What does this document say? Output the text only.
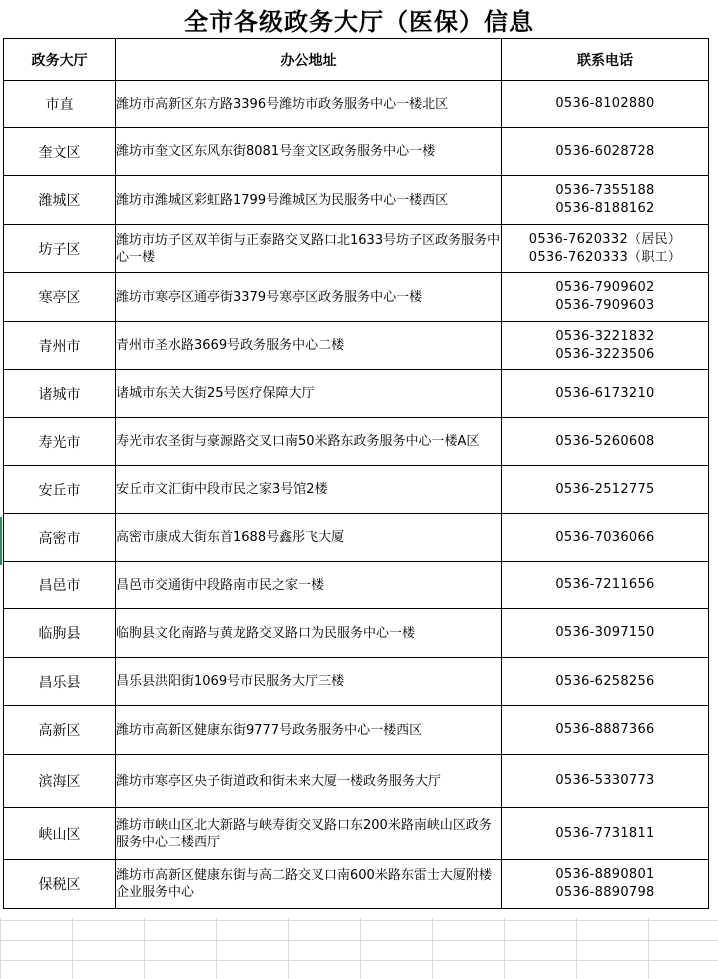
全市各级政务大厅（医保）信息
政务大厅	办公地址	联系电话
市直	潍坊市高新区东方路3396号潍坊市政务服务中心一楼北区	0536-8102880

奎文区	潍坊市奎文区东风东街8081号奎文区政务服务中心一楼	0536-6028728

潍城区	潍坊市潍城区彩虹路1799号潍城区为民服务中心一楼西区	0536-7355188
0536-8188162

坊子区	潍坊市坊子区双羊街与正泰路交叉路口北1633号坊子区政务服务中心一楼	0536-7620332（居民）
0536-7620333（职工）

寒亭区	潍坊市寒亭区通亭街3379号寒亭区政务服务中心一楼	0536-7909602
0536-7909603

青州市	青州市圣水路3669号政务服务中心二楼	0536-3221832
0536-3223506

诸城市	诸城市东关大街25号医疗保障大厅	0536-6173210

寿光市	寿光市农圣街与豪源路交叉口南50米路东政务服务中心一楼A区	0536-5260608

安丘市	安丘市文汇街中段市民之家3号馆2楼	0536-2512775

高密市	高密市康成大街东首1688号鑫彤飞大厦	0536-7036066

昌邑市	昌邑市交通街中段路南市民之家一楼	0536-7211656

临朐县	临朐县文化南路与黄龙路交叉路口为民服务中心一楼	0536-3097150

昌乐县	昌乐县洪阳街1069号市民服务大厅三楼	0536-6258256

高新区	潍坊市高新区健康东街9777号政务服务中心一楼西区	0536-8887366

滨海区	潍坊市寒亭区央子街道政和街未来大厦一楼政务服务大厅	0536-5330773

峡山区	潍坊市峡山区北大新路与峡寿街交叉路口东200米路南峡山区政务服务中心二楼西厅	0536-7731811

保税区	潍坊市高新区健康东街与高二路交叉口南600米路东雷士大厦附楼企业服务中心	0536-8890801
0536-8890798
